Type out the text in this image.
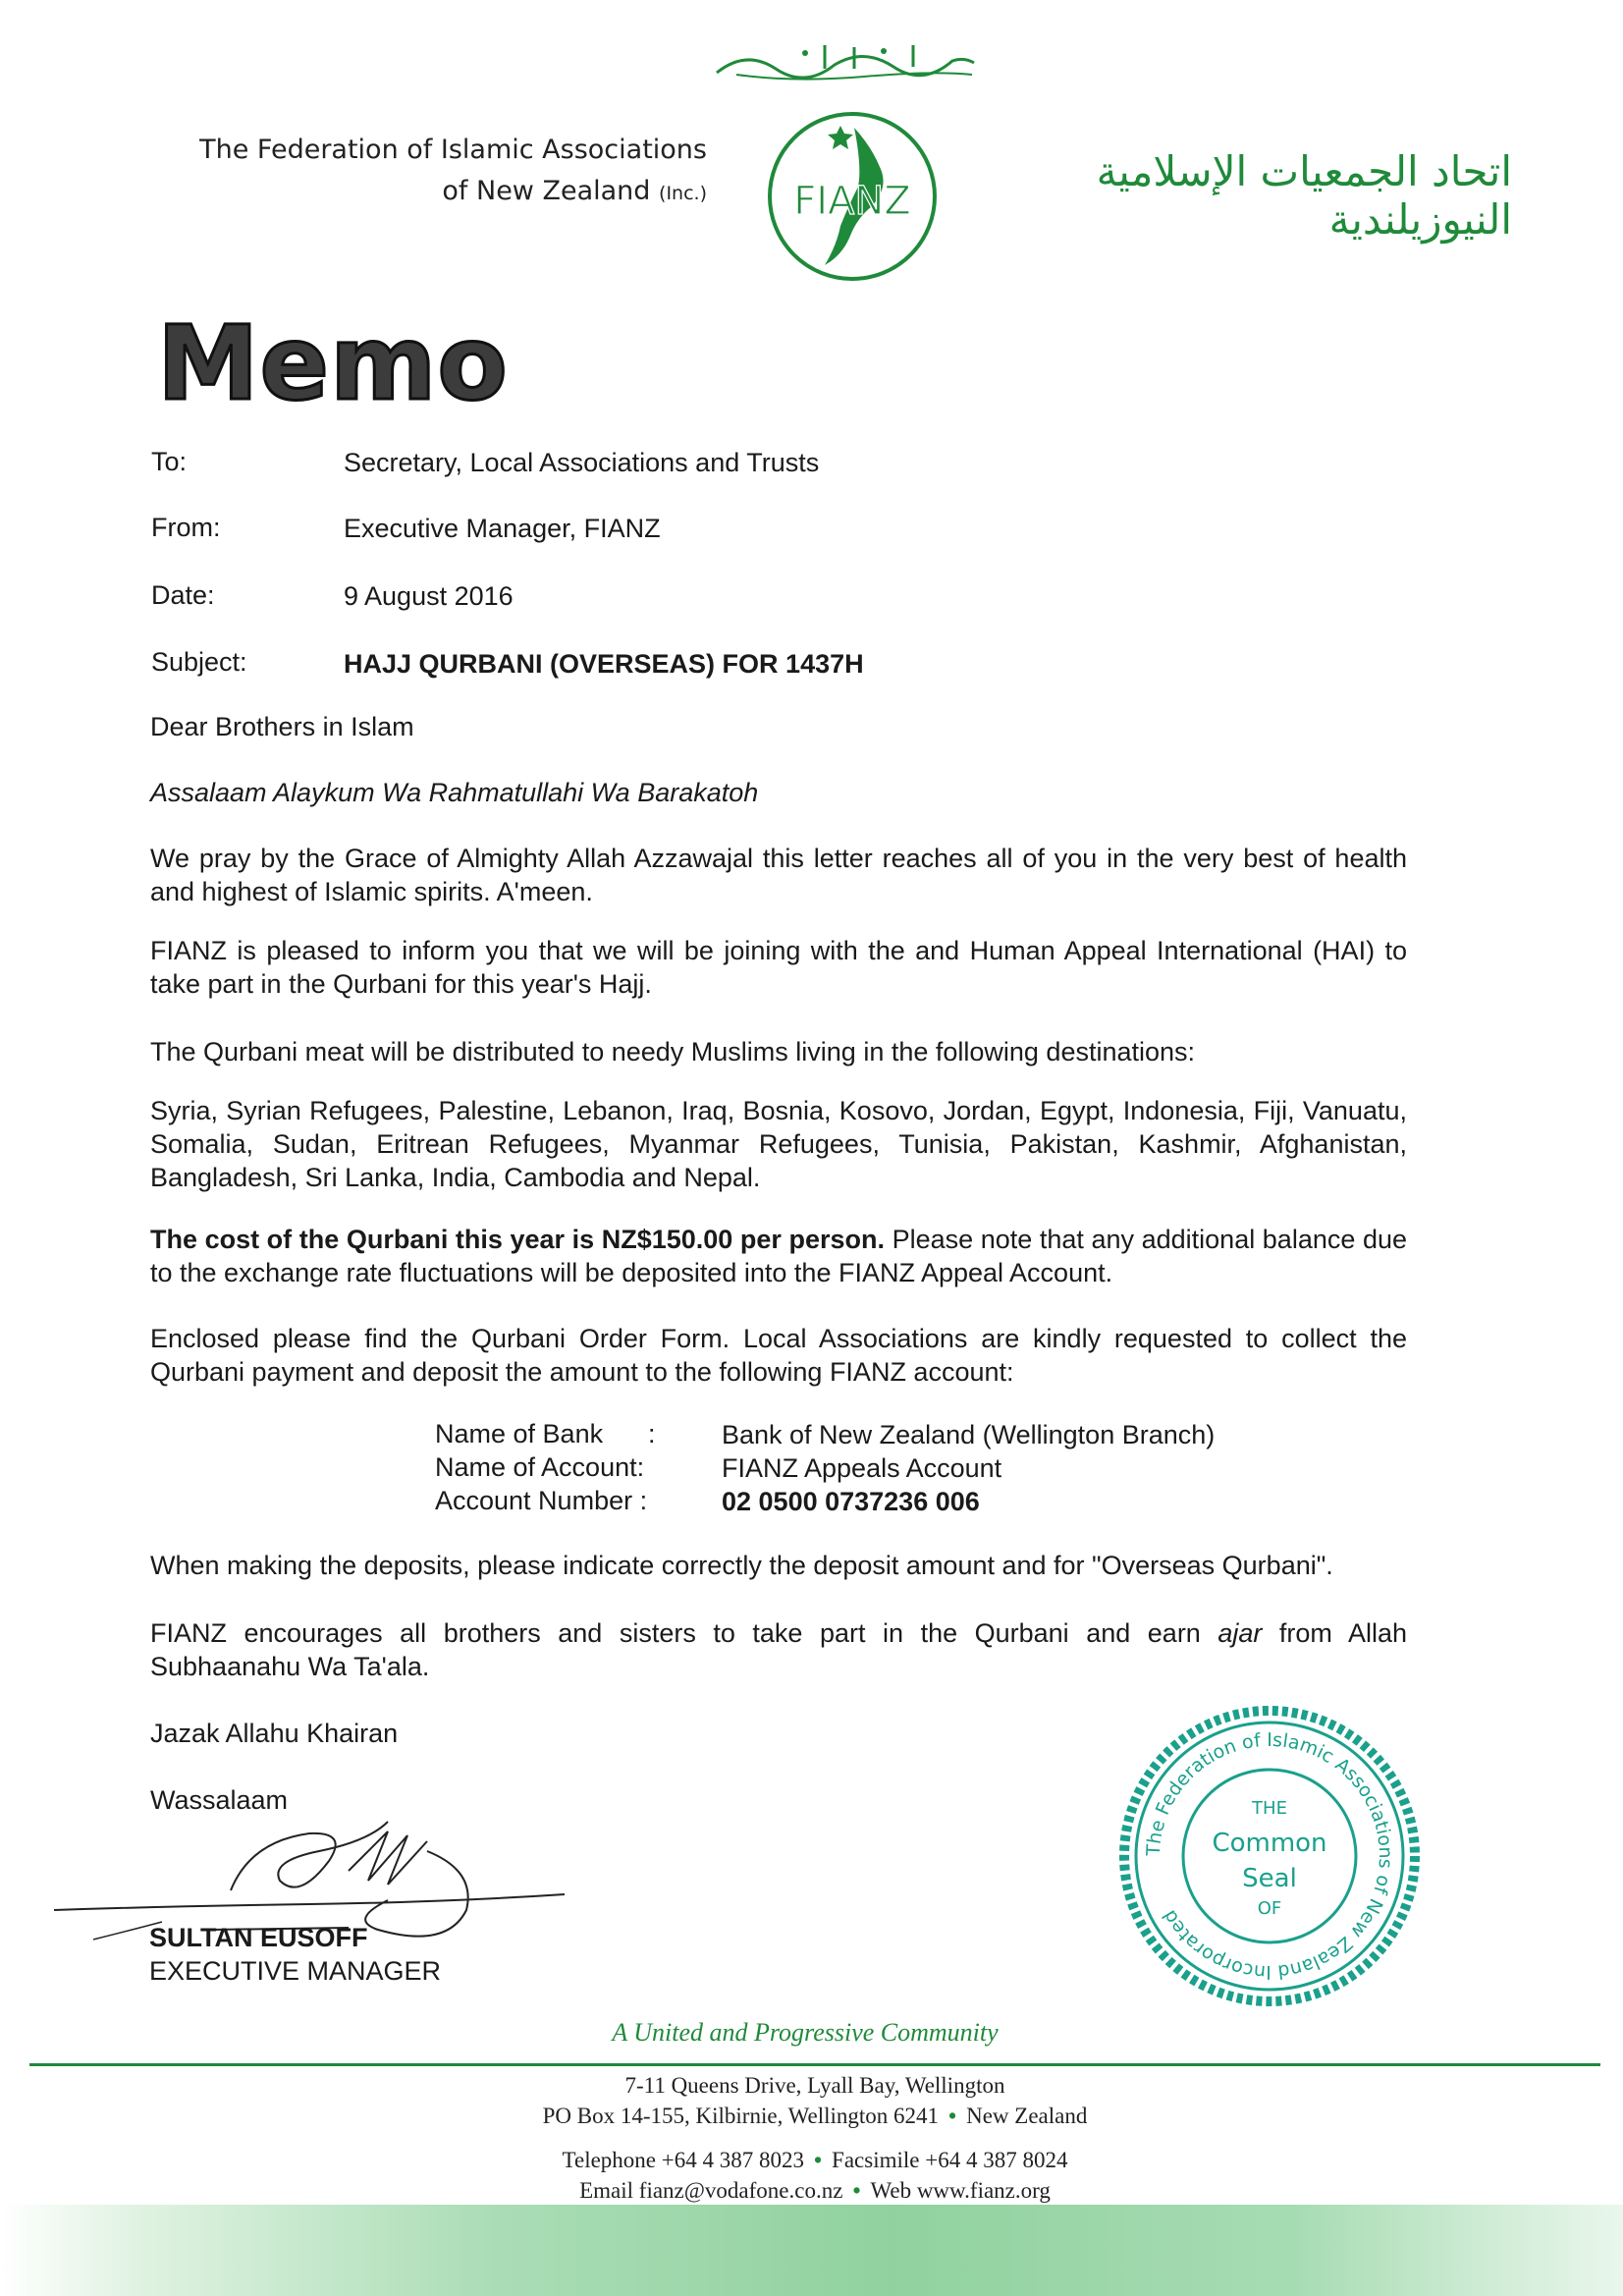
The Federation of Islamic Associations
of New Zealand (Inc.) FIANZ
اتحاد الجمعيات الإسلامية النيوزيلندية
Memo
To:	Secretary, Local Associations and Trusts
From:	Executive Manager, FIANZ
Date:	9 August 2016
Subject:	HAJJ QURBANI (OVERSEAS) FOR 1437H
Dear Brothers in Islam
Assalaam Alaykum Wa Rahmatullahi Wa Barakatoh
We pray by the Grace of Almighty Allah Azzawajal this letter reaches all of you in the very best of health and highest of Islamic spirits. A'meen.
FIANZ is pleased to inform you that we will be joining with the and Human Appeal International (HAI) to take part in the Qurbani for this year's Hajj.
The Qurbani meat will be distributed to needy Muslims living in the following destinations:
Syria, Syrian Refugees, Palestine, Lebanon, Iraq, Bosnia, Kosovo, Jordan, Egypt, Indonesia, Fiji, Vanuatu, Somalia, Sudan, Eritrean Refugees, Myanmar Refugees, Tunisia, Pakistan, Kashmir, Afghanistan, Bangladesh, Sri Lanka, India, Cambodia and Nepal.
The cost of the Qurbani this year is NZ$150.00 per person. Please note that any additional balance due to the exchange rate fluctuations will be deposited into the FIANZ Appeal Account.
Enclosed please find the Qurbani Order Form. Local Associations are kindly requested to collect the Qurbani payment and deposit the amount to the following FIANZ account:
Name of Bank : Bank of New Zealand (Wellington Branch)
Name of Account:	FIANZ Appeals Account
Account Number :	02 0500 0737236 006
When making the deposits, please indicate correctly the deposit amount and for "Overseas Qurbani".
FIANZ encourages all brothers and sisters to take part in the Qurbani and earn ajar from Allah Subhaanahu Wa Ta'ala.
Jazak Allahu Khairan
Wassalaam
SULTAN EUSOFF
EXECUTIVE MANAGER
The Federation of Islamic Associations of New Zealand Incorporated
THE
Common
Seal
OF
A United and Progressive Community
7-11 Queens Drive, Lyall Bay, Wellington
PO Box 14-155, Kilbirnie, Wellington 6241 • New Zealand
Telephone +64 4 387 8023 • Facsimile +64 4 387 8024
Email fianz@vodafone.co.nz • Web www.fianz.org
